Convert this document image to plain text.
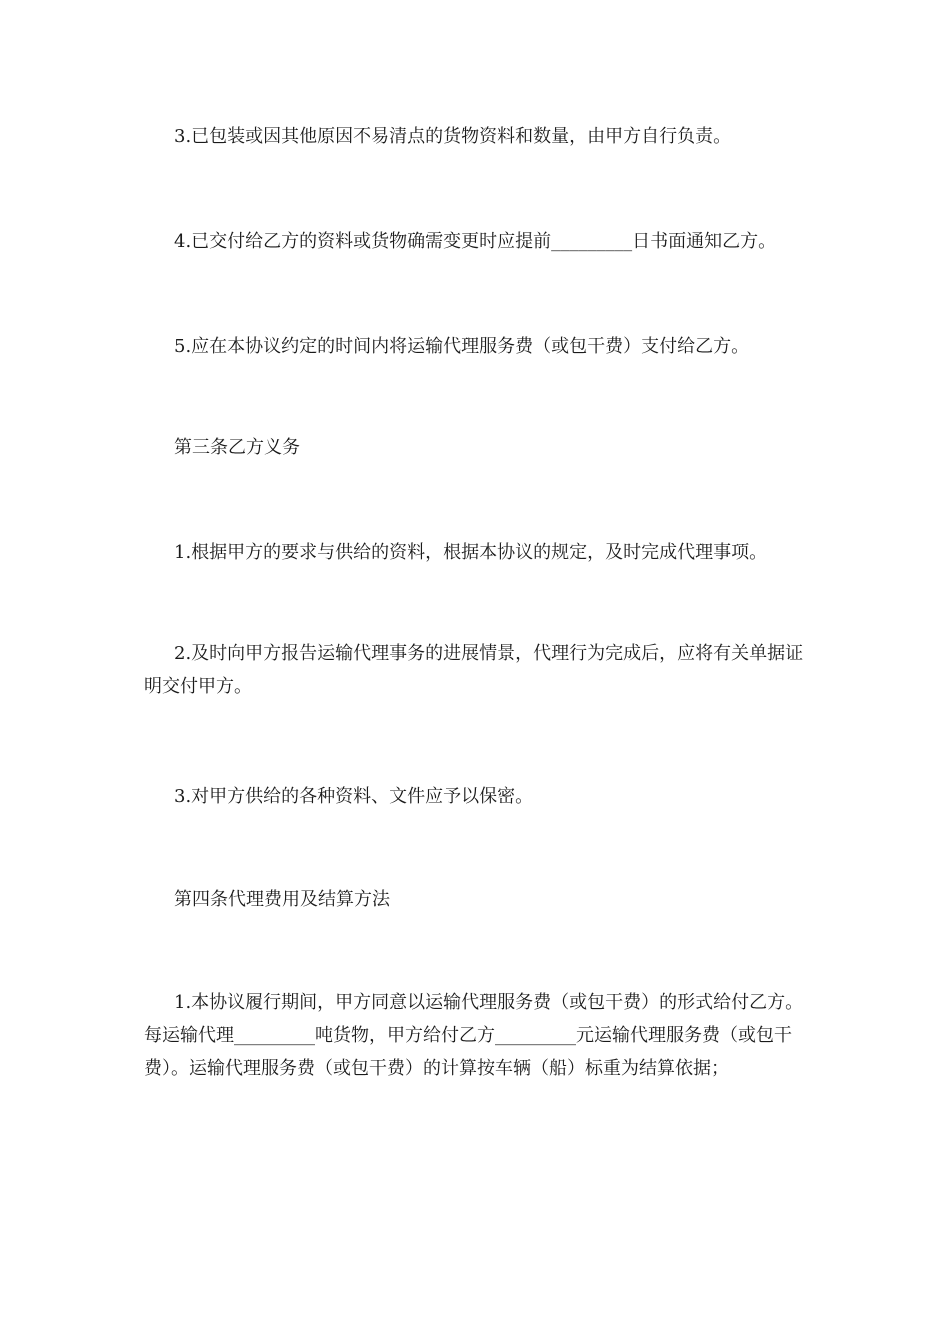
3.已包装或因其他原因不易清点的货物资料和数量，由甲方自行负责。

4.已交付给乙方的资料或货物确需变更时应提前_________日书面通知乙方。

5.应在本协议约定的时间内将运输代理服务费（或包干费）支付给乙方。

第三条乙方义务

1.根据甲方的要求与供给的资料，根据本协议的规定，及时完成代理事项。

2.及时向甲方报告运输代理事务的进展情景，代理行为完成后，应将有关单据证明交付甲方。

3.对甲方供给的各种资料、文件应予以保密。

第四条代理费用及结算方法

1.本协议履行期间，甲方同意以运输代理服务费（或包干费）的形式给付乙方。每运输代理_________吨货物，甲方给付乙方_________元运输代理服务费（或包干费）。运输代理服务费（或包干费）的计算按车辆（船）标重为结算依据；
